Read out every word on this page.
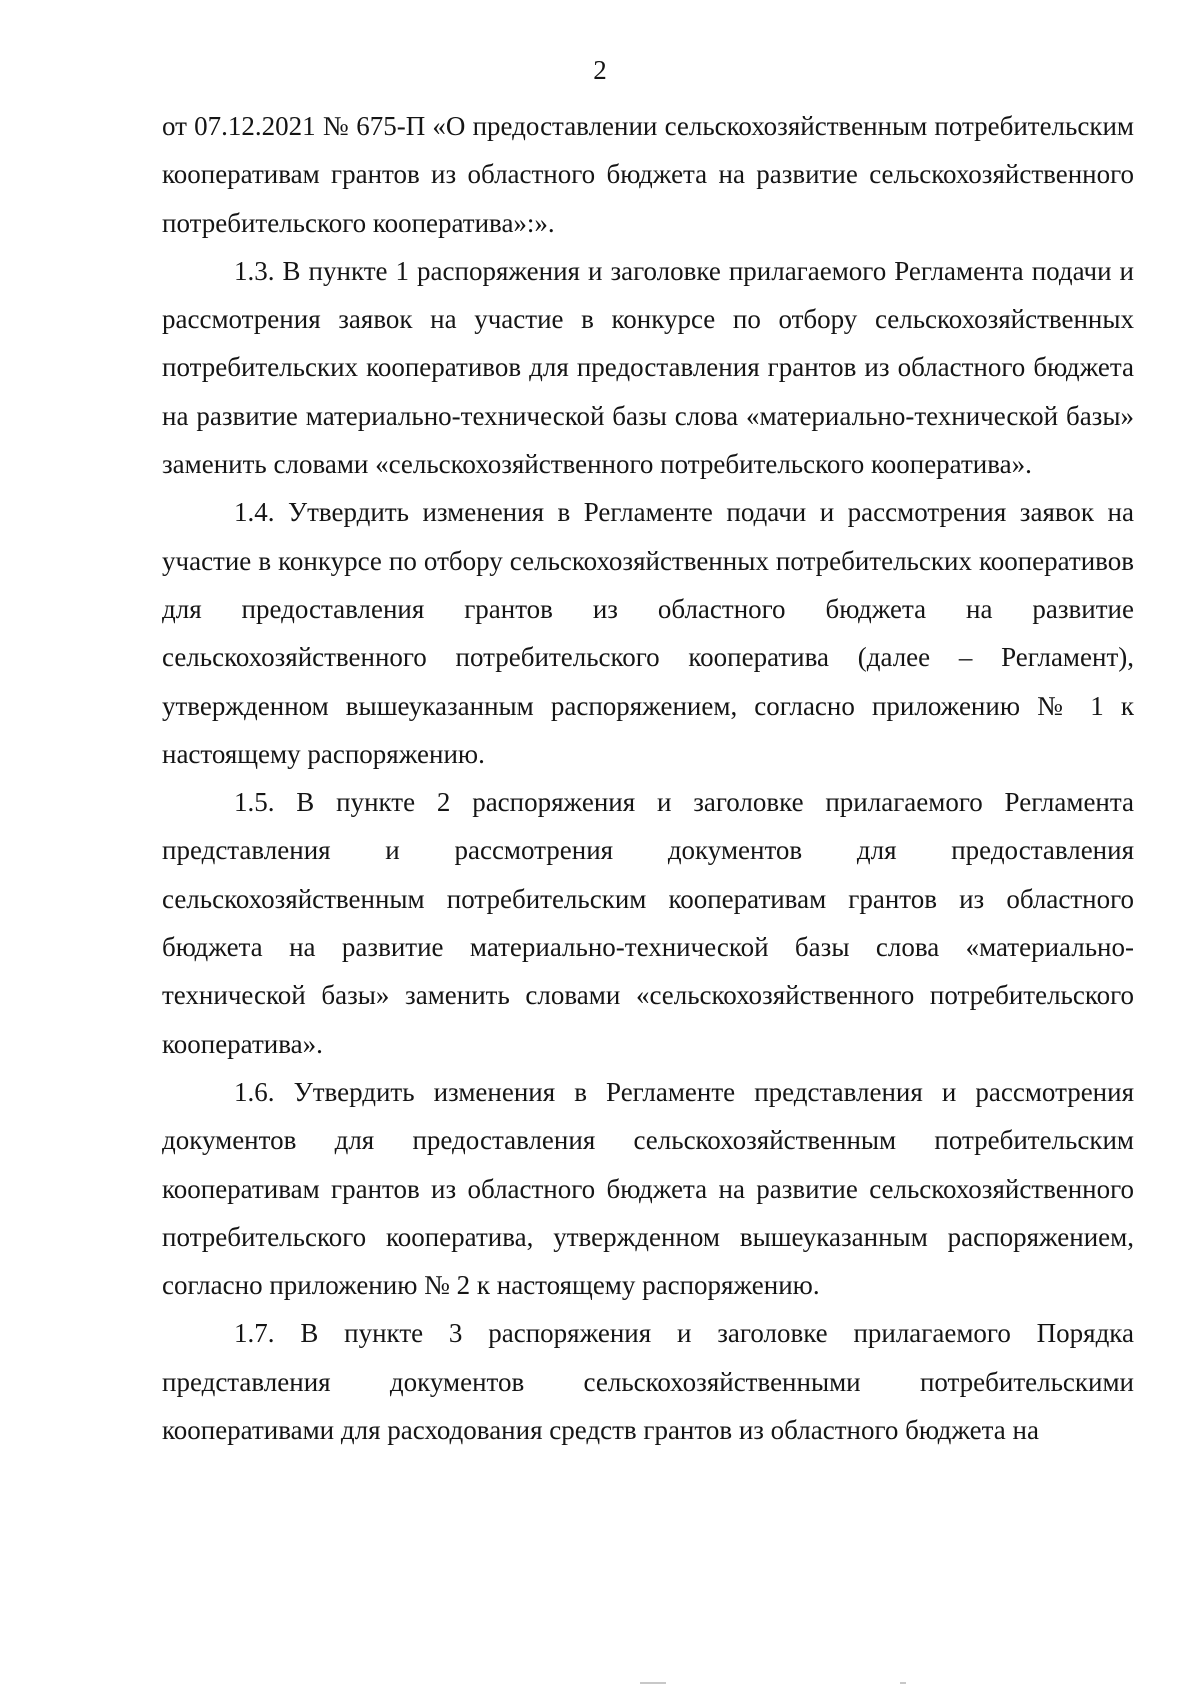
2

от 07.12.2021 № 675-П «О предоставлении сельскохозяйственным потребительским кооперативам грантов из областного бюджета на развитие сельскохозяйственного потребительского кооператива»:».

1.3. В пункте 1 распоряжения и заголовке прилагаемого Регламента подачи и рассмотрения заявок на участие в конкурсе по отбору сельскохозяйственных потребительских кооперативов для предоставления грантов из областного бюджета на развитие материально-технической базы слова «материально-технической базы» заменить словами «сельскохозяйственного потребительского кооператива».

1.4. Утвердить изменения в Регламенте подачи и рассмотрения заявок на участие в конкурсе по отбору сельскохозяйственных потребительских кооперативов для предоставления грантов из областного бюджета на развитие сельскохозяйственного потребительского кооператива (далее – Регламент), утвержденном вышеуказанным распоряжением, согласно приложению № 1 к настоящему распоряжению.

1.5. В пункте 2 распоряжения и заголовке прилагаемого Регламента представления и рассмотрения документов для предоставления сельскохозяйственным потребительским кооперативам грантов из областного бюджета на развитие материально-технической базы слова «материально-технической базы» заменить словами «сельскохозяйственного потребительского кооператива».

1.6. Утвердить изменения в Регламенте представления и рассмотрения документов для предоставления сельскохозяйственным потребительским кооперативам грантов из областного бюджета на развитие сельскохозяйственного потребительского кооператива, утвержденном вышеуказанным распоряжением, согласно приложению № 2 к настоящему распоряжению.

1.7. В пункте 3 распоряжения и заголовке прилагаемого Порядка представления документов сельскохозяйственными потребительскими кооперативами для расходования средств грантов из областного бюджета на
